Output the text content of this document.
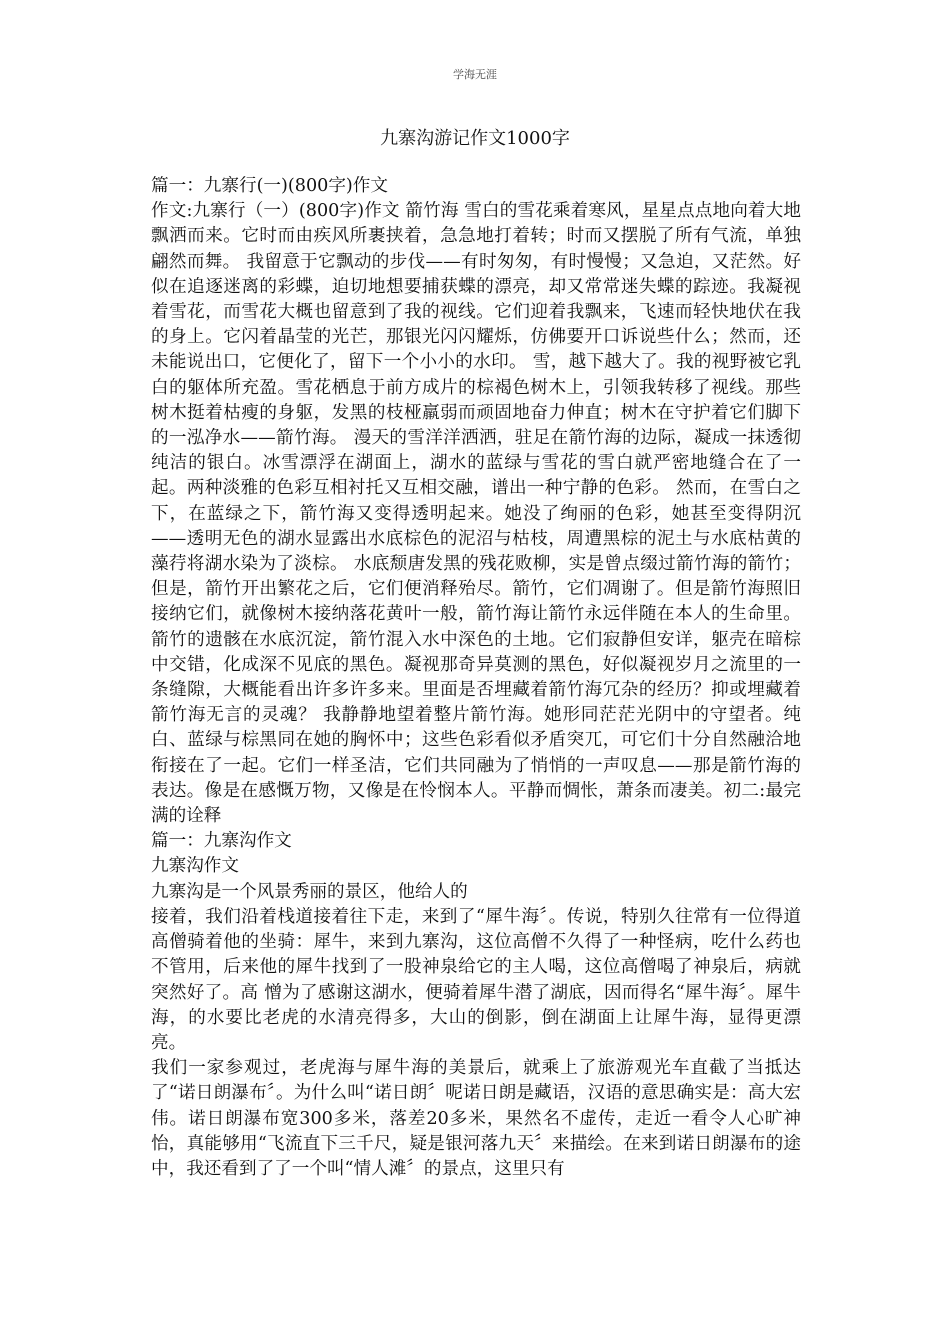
学海无涯
九寨沟游记作文1000字

篇一：九寨行(一)(800字)作文

作文:九寨行（一）(800字)作文 箭竹海 雪白的雪花乘着寒风，星星点点地向着大地飘洒而来。它时而由疾风所裹挟着，急急地打着转；时而又摆脱了所有气流，单独翩然而舞。 我留意于它飘动的步伐——有时匆匆，有时慢慢；又急迫，又茫然。好似在追逐迷离的彩蝶，迫切地想要捕获蝶的漂亮，却又常常迷失蝶的踪迹。我凝视着雪花，而雪花大概也留意到了我的视线。它们迎着我飘来，飞速而轻快地伏在我的身上。它闪着晶莹的光芒，那银光闪闪耀烁，仿佛要开口诉说些什么；然而，还未能说出口，它便化了，留下一个小小的水印。 雪，越下越大了。我的视野被它乳白的躯体所充盈。雪花栖息于前方成片的棕褐色树木上，引领我转移了视线。那些树木挺着枯瘦的身躯，发黑的枝桠羸弱而顽固地奋力伸直；树木在守护着它们脚下的一泓净水——箭竹海。 漫天的雪洋洋洒洒，驻足在箭竹海的边际，凝成一抹透彻纯洁的银白。冰雪漂浮在湖面上，湖水的蓝绿与雪花的雪白就严密地缝合在了一起。两种淡雅的色彩互相衬托又互相交融，谱出一种宁静的色彩。 然而，在雪白之下，在蓝绿之下，箭竹海又变得透明起来。她没了绚丽的色彩，她甚至变得阴沉——透明无色的湖水显露出水底棕色的泥沼与枯枝，周遭黑棕的泥土与水底枯黄的藻荇将湖水染为了淡棕。 水底颓唐发黑的残花败柳，实是曾点缀过箭竹海的箭竹；但是，箭竹开出繁花之后，它们便消释殆尽。箭竹，它们凋谢了。但是箭竹海照旧接纳它们，就像树木接纳落花黄叶一般，箭竹海让箭竹永远伴随在本人的生命里。箭竹的遗骸在水底沉淀，箭竹混入水中深色的土地。它们寂静但安详，躯壳在暗棕中交错，化成深不见底的黑色。凝视那奇异莫测的黑色，好似凝视岁月之流里的一条缝隙，大概能看出许多许多来。里面是否埋藏着箭竹海冗杂的经历？抑或埋藏着箭竹海无言的灵魂？ 我静静地望着整片箭竹海。她形同茫茫光阴中的守望者。纯白、蓝绿与棕黑同在她的胸怀中；这些色彩看似矛盾突兀，可它们十分自然融洽地衔接在了一起。它们一样圣洁，它们共同融为了悄悄的一声叹息——那是箭竹海的表达。像是在感慨万物，又像是在怜悯本人。平静而惆怅，萧条而凄美。初二:最完满的诠释

篇一：九寨沟作文

九寨沟作文

九寨沟是一个风景秀丽的景区，他给人的

接着，我们沿着栈道接着往下走，来到了“犀牛海〞。传说，特别久往常有一位得道高僧骑着他的坐骑：犀牛，来到九寨沟，这位高僧不久得了一种怪病，吃什么药也不管用，后来他的犀牛找到了一股神泉给它的主人喝，这位高僧喝了神泉后，病就突然好了。高 憎为了感谢这湖水，便骑着犀牛潜了湖底，因而得名“犀牛海〞。犀牛海，的水要比老虎的水清亮得多，大山的倒影，倒在湖面上让犀牛海，显得更漂亮。

我们一家参观过，老虎海与犀牛海的美景后，就乘上了旅游观光车直截了当抵达了“诺日朗瀑布〞。为什么叫“诺日朗〞呢诺日朗是藏语，汉语的意思确实是：高大宏伟。诺日朗瀑布宽300多米，落差20多米，果然名不虚传，走近一看令人心旷神怡，真能够用“飞流直下三千尺，疑是银河落九天〞来描绘。在来到诺日朗瀑布的途中，我还看到了了一个叫“情人滩〞的景点，这里只有
